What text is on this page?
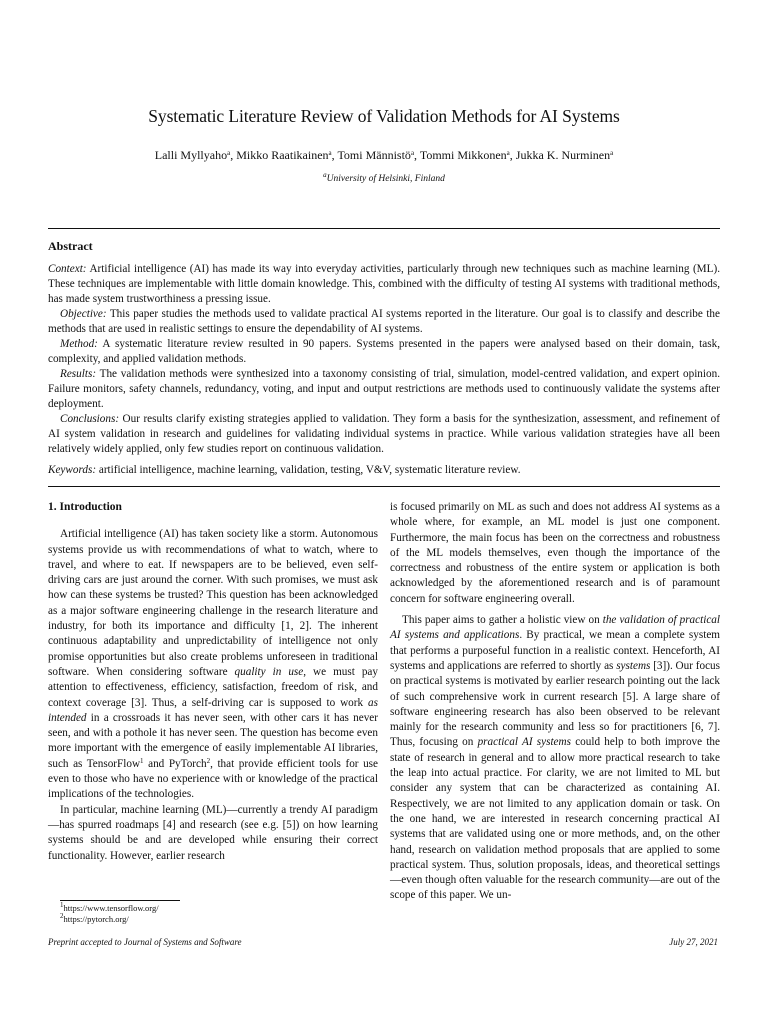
Systematic Literature Review of Validation Methods for AI Systems
Lalli Myllyaho$^a$, Mikko Raatikainen$^a$, Tomi Männistö$^a$, Tommi Mikkonen$^a$, Jukka K. Nurminen$^a$
$^a$University of Helsinki, Finland
Abstract

Context: Artificial intelligence (AI) has made its way into everyday activities, particularly through new techniques such as machine learning (ML). These techniques are implementable with little domain knowledge. This, combined with the difficulty of testing AI systems with traditional methods, has made system trustworthiness a pressing issue.

Objective: This paper studies the methods used to validate practical AI systems reported in the literature. Our goal is to classify and describe the methods that are used in realistic settings to ensure the dependability of AI systems.

Method: A systematic literature review resulted in 90 papers. Systems presented in the papers were analysed based on their domain, task, complexity, and applied validation methods.

Results: The validation methods were synthesized into a taxonomy consisting of trial, simulation, model-centred validation, and expert opinion. Failure monitors, safety channels, redundancy, voting, and input and output restrictions are methods used to continuously validate the systems after deployment.

Conclusions: Our results clarify existing strategies applied to validation. They form a basis for the synthesization, assessment, and refinement of AI system validation in research and guidelines for validating individual systems in practice. While various validation strategies have all been relatively widely applied, only few studies report on continuous validation.

Keywords: artificial intelligence, machine learning, validation, testing, V&V, systematic literature review.

1. Introduction

Artificial intelligence (AI) has taken society like a storm. Autonomous systems provide us with recommendations of what to watch, where to travel, and where to eat. If newspapers are to be believed, even self-driving cars are just around the corner. With such promises, we must ask how can these systems be trusted? This question has been acknowledged as a major software engineering challenge in the research literature and industry, for both its importance and difficulty [1, 2]. The inherent continuous adaptability and unpredictability of intelligence not only promise opportunities but also create problems unforeseen in traditional software. When considering software quality in use, we must pay attention to effectiveness, efficiency, satisfaction, freedom of risk, and context coverage [3]. Thus, a self-driving car is supposed to work as intended in a crossroads it has never seen, with other cars it has never seen, and with a pothole it has never seen. The question has become even more important with the emergence of easily implementable AI libraries, such as TensorFlow$^1$ and PyTorch$^2$, that provide efficient tools for use even to those who have no experience with or knowledge of the practical implications of the technologies.

In particular, machine learning (ML)—currently a trendy AI paradigm—has spurred roadmaps [4] and research (see e.g. [5]) on how learning systems should be and are developed while ensuring their correct functionality. However, earlier research

is focused primarily on ML as such and does not address AI systems as a whole where, for example, an ML model is just one component. Furthermore, the main focus has been on the correctness and robustness of the ML models themselves, even though the importance of the correctness and robustness of the entire system or application is both acknowledged by the aforementioned research and is of paramount concern for software engineering overall.

This paper aims to gather a holistic view on the validation of practical AI systems and applications. By practical, we mean a complete system that performs a purposeful function in a realistic context. Henceforth, AI systems and applications are referred to shortly as systems [3]). Our focus on practical systems is motivated by earlier research pointing out the lack of such comprehensive work in current research [5]. A large share of software engineering research has also been observed to be relevant mainly for the research community and less so for practitioners [6, 7]. Thus, focusing on practical AI systems could help to both improve the state of research in general and to allow more practical research to take the leap into actual practice. For clarity, we are not limited to ML but consider any system that can be characterized as containing AI. Respectively, we are not limited to any application domain or task. On the one hand, we are interested in research concerning practical AI systems that are validated using one or more methods, and, on the other hand, research on validation method proposals that are applied to some practical system. Thus, solution proposals, ideas, and theoretical settings—even though often valuable for the research community—are out of the scope of this paper. We un-

$^1$https://www.tensorflow.org/
$^2$https://pytorch.org/
Preprint accepted to Journal of Systems and Software	July 27, 2021
